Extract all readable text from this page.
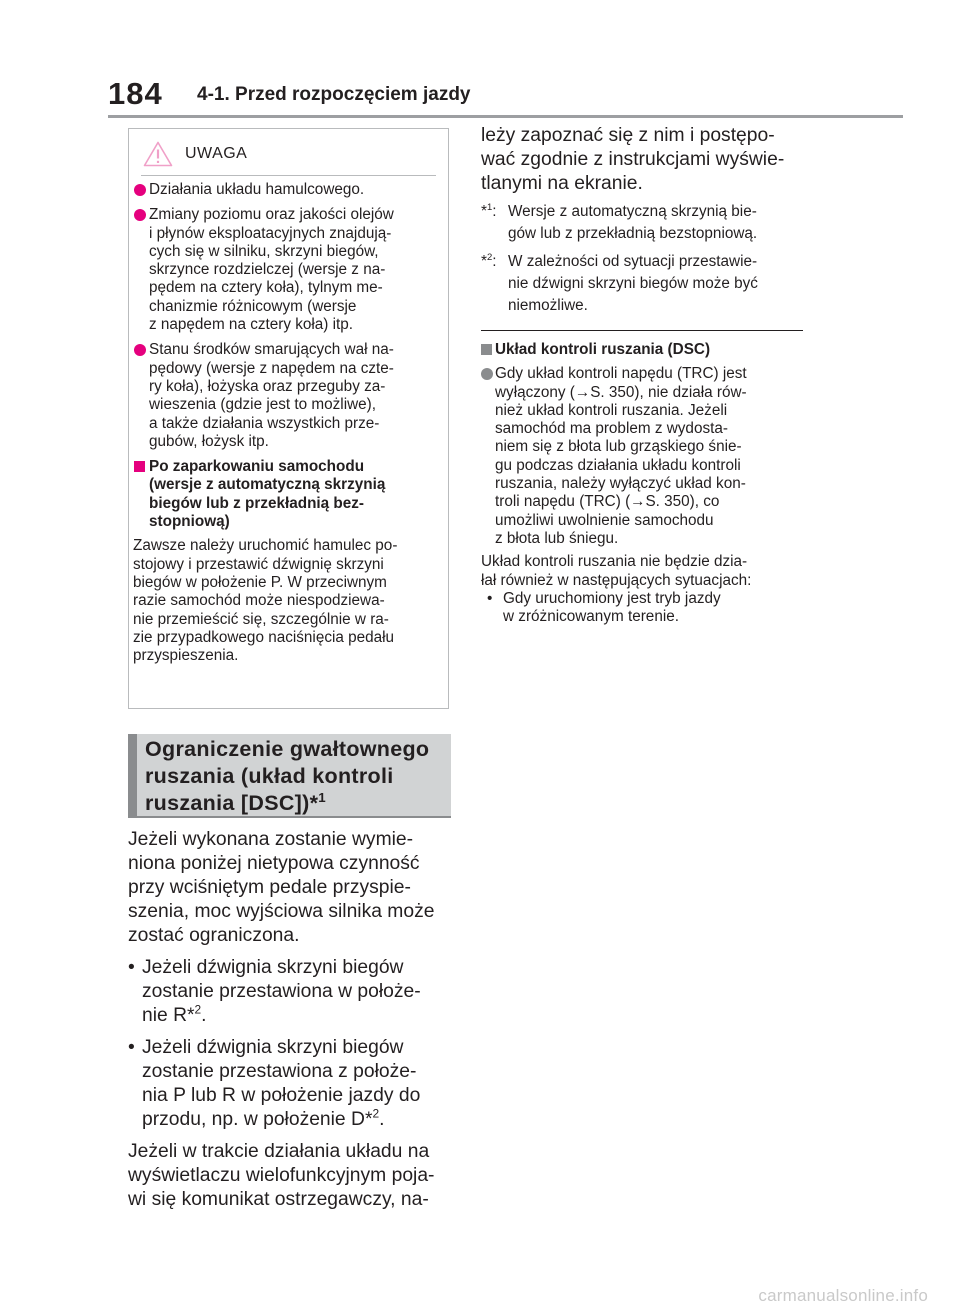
184 4-1. Przed rozpoczęciem jazdy
UWAGA
Działania układu hamulcowego.
Zmiany poziomu oraz jakości olejów
i płynów eksploatacyjnych znajdują-
cych się w silniku, skrzyni biegów,
skrzynce rozdzielczej (wersje z na-
pędem na cztery koła), tylnym me-
chanizmie różnicowym (wersje
z napędem na cztery koła) itp.
Stanu środków smarujących wał na-
pędowy (wersje z napędem na czte-
ry koła), łożyska oraz przeguby za-
wieszenia (gdzie jest to możliwe),
a także działania wszystkich prze-
gubów, łożysk itp.
Po zaparkowaniu samochodu
(wersje z automatyczną skrzynią
biegów lub z przekładnią bez-
stopniową)
Zawsze należy uruchomić hamulec po-
stojowy i przestawić dźwignię skrzyni
biegów w położenie P. W przeciwnym
razie samochód może niespodziewa-
nie przemieścić się, szczególnie w ra-
zie przypadkowego naciśnięcia pedału
przyspieszenia.
Ograniczenie gwałtownego
ruszania (układ kontroli
ruszania [DSC])*$^1$

Jeżeli wykonana zostanie wymie-
niona poniżej nietypowa czynność
przy wciśniętym pedale przyspie-
szenia, moc wyjściowa silnika może
zostać ograniczona.

• Jeżeli dźwignia skrzyni biegów
zostanie przestawiona w położe-
nie R*$^2$.
• Jeżeli dźwignia skrzyni biegów
zostanie przestawiona z położe-
nia P lub R w położenie jazdy do
przodu, np. w położenie D*$^2$.

Jeżeli w trakcie działania układu na
wyświetlaczu wielofunkcyjnym poja-
wi się komunikat ostrzegawczy, na-

leży zapoznać się z nim i postępo-
wać zgodnie z instrukcjami wyświe-
tlanymi na ekranie.

*$^1$: Wersje z automatyczną skrzynią bie-
gów lub z przekładnią bezstopniową.
*$^2$: W zależności od sytuacji przestawie-
nie dźwigni skrzyni biegów może być
niemożliwe.
Układ kontroli ruszania (DSC)
Gdy układ kontroli napędu (TRC) jest
wyłączony (→S. 350), nie działa rów-
nież układ kontroli ruszania. Jeżeli
samochód ma problem z wydosta-
niem się z błota lub grząskiego śnie-
gu podczas działania układu kontroli
ruszania, należy wyłączyć układ kon-
troli napędu (TRC) (→S. 350), co
umożliwi uwolnienie samochodu
z błota lub śniegu.

Układ kontroli ruszania nie będzie dzia-
łał również w następujących sytuacjach:

• Gdy uruchomiony jest tryb jazdy
w zróżnicowanym terenie.
carmanualsonline.info
